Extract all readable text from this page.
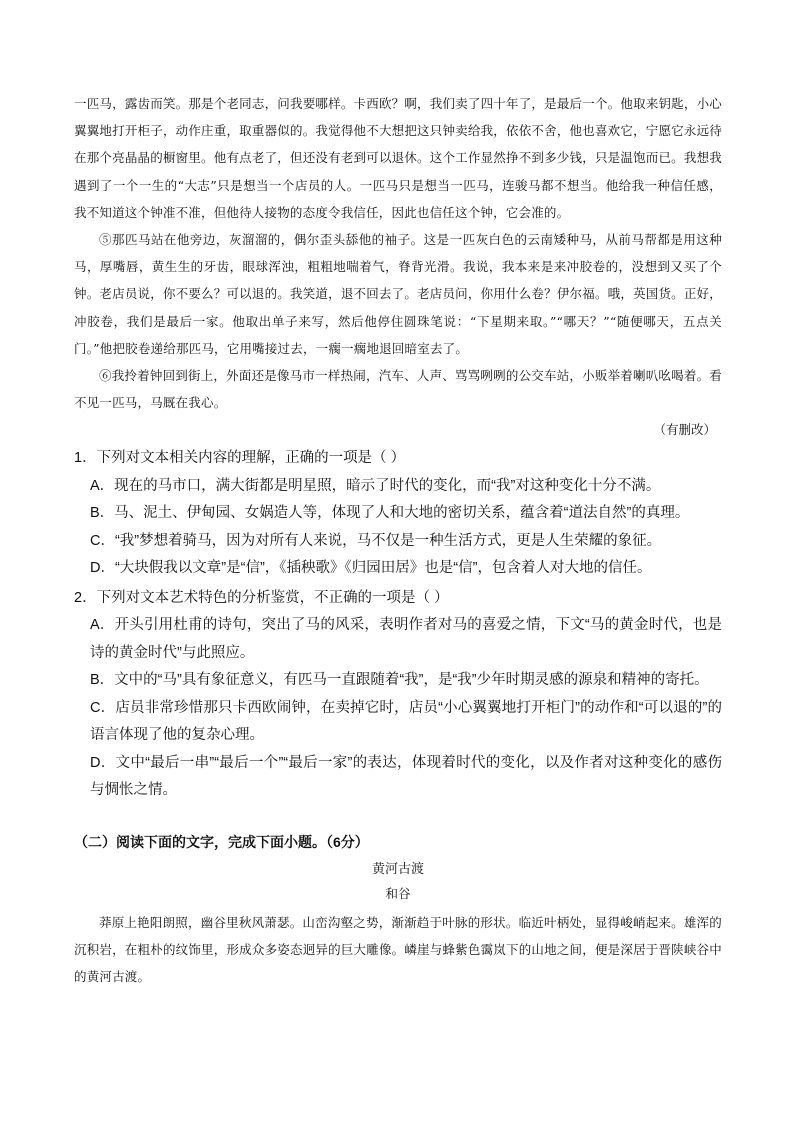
一匹马，露齿而笑。那是个老同志，问我要哪样。卡西欧？啊，我们卖了四十年了，是最后一个。他取来钥匙，小心翼翼地打开柜子，动作庄重，取重器似的。我觉得他不大想把这只钟卖给我，依依不舍，他也喜欢它，宁愿它永远待在那个亮晶晶的橱窗里。他有点老了，但还没有老到可以退休。这个工作显然挣不到多少钱，只是温饱而已。我想我遇到了一个一生的“大志”只是想当一个店员的人。一匹马只是想当一匹马，连骏马都不想当。他给我一种信任感，我不知道这个钟准不准，但他待人接物的态度令我信任，因此也信任这个钟，它会准的。

⑤那匹马站在他旁边，灰溜溜的，偶尔歪头舔他的袖子。这是一匹灰白色的云南矮种马，从前马帮都是用这种马，厚嘴唇，黄生生的牙齿，眼球浑浊，粗粗地喘着气，脊背光滑。我说，我本来是来冲胶卷的，没想到又买了个钟。老店员说，你不要么？可以退的。我笑道，退不回去了。老店员问，你用什么卷？伊尔福。哦，英国货。正好，冲胶卷，我们是最后一家。他取出单子来写，然后他停住圆珠笔说：“下星期来取。”“哪天？”“随便哪天，五点关门。”他把胶卷递给那匹马，它用嘴接过去，一瘸一瘸地退回暗室去了。

⑥我拎着钟回到街上，外面还是像马市一样热闹，汽车、人声、骂骂咧咧的公交车站，小贩举着喇叭吆喝着。看不见一匹马，马厩在我心。

（有删改）

1．下列对文本相关内容的理解，正确的一项是（ ）

A．现在的马市口，满大街都是明星照，暗示了时代的变化，而“我”对这种变化十分不满。

B．马、泥土、伊甸园、女娲造人等，体现了人和大地的密切关系，蕴含着“道法自然”的真理。

C．“我”梦想着骑马，因为对所有人来说，马不仅是一种生活方式，更是人生荣耀的象征。

D．“大块假我以文章”是“信”，《插秧歌》《归园田居》也是“信”，包含着人对大地的信任。

2．下列对文本艺术特色的分析鉴赏，不正确的一项是（ ）

A．开头引用杜甫的诗句，突出了马的风采，表明作者对马的喜爱之情，下文“马的黄金时代，也是诗的黄金时代”与此照应。

B．文中的“马”具有象征意义，有匹马一直跟随着“我”，是“我”少年时期灵感的源泉和精神的寄托。

C．店员非常珍惜那只卡西欧闹钟，在卖掉它时，店员“小心翼翼地打开柜门”的动作和“可以退的”的语言体现了他的复杂心理。

D．文中“最后一串”“最后一个”“最后一家”的表达，体现着时代的变化，以及作者对这种变化的感伤与惆怅之情。

（二）阅读下面的文字，完成下面小题。（6分）

黄河古渡

和谷

莽原上艳阳朗照，幽谷里秋风萧瑟。山峦沟壑之势，渐渐趋于叶脉的形状。临近叶柄处，显得峻峭起来。雄浑的沉积岩，在粗朴的纹饰里，形成众多姿态迥异的巨大雕像。嶙崖与蜂紫色霭岚下的山地之间，便是深居于晋陕峡谷中的黄河古渡。
